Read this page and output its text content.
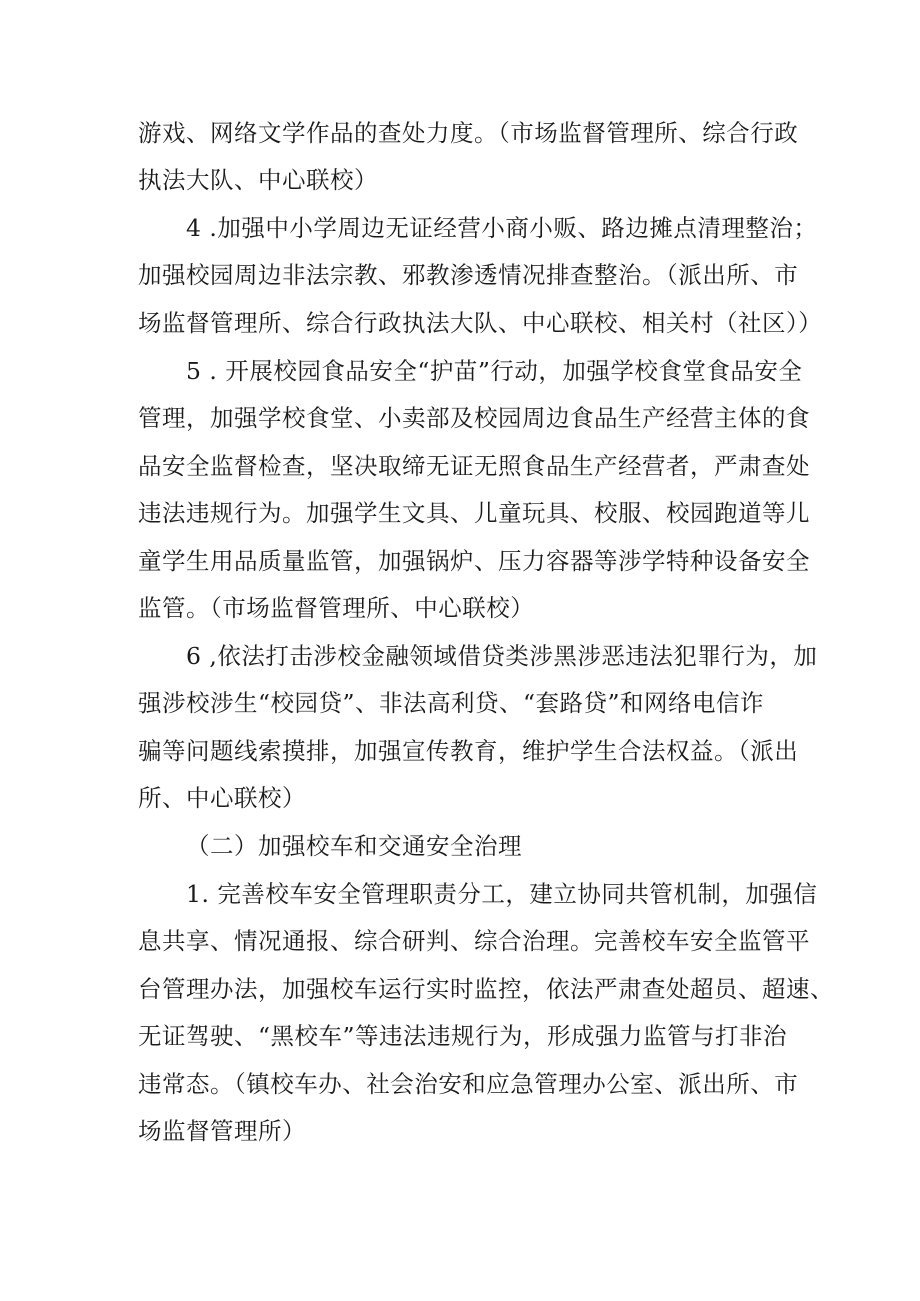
游戏、网络文学作品的查处力度。（市场监督管理所、综合行政
执法大队、中心联校）
4 .加强中小学周边无证经营小商小贩、路边摊点清理整治；
加强校园周边非法宗教、邪教渗透情况排查整治。（派出所、市
场监督管理所、综合行政执法大队、中心联校、相关村（社区））
5 . 开展校园食品安全“护苗”行动，加强学校食堂食品安全
管理，加强学校食堂、小卖部及校园周边食品生产经营主体的食
品安全监督检查，坚决取缔无证无照食品生产经营者，严肃查处
违法违规行为。加强学生文具、儿童玩具、校服、校园跑道等儿
童学生用品质量监管，加强锅炉、压力容器等涉学特种设备安全
监管。（市场监督管理所、中心联校）
6 ,依法打击涉校金融领域借贷类涉黑涉恶违法犯罪行为，加
强涉校涉生“校园贷”、非法高利贷、“套路贷”和网络电信诈
骗等问题线索摸排，加强宣传教育，维护学生合法权益。（派出
所、中心联校）
（二）加强校车和交通安全治理
1. 完善校车安全管理职责分工，建立协同共管机制，加强信
息共享、情况通报、综合研判、综合治理。完善校车安全监管平
台管理办法，加强校车运行实时监控，依法严肃查处超员、超速、
无证驾驶、“黑校车”等违法违规行为，形成强力监管与打非治
违常态。（镇校车办、社会治安和应急管理办公室、派出所、市
场监督管理所）
